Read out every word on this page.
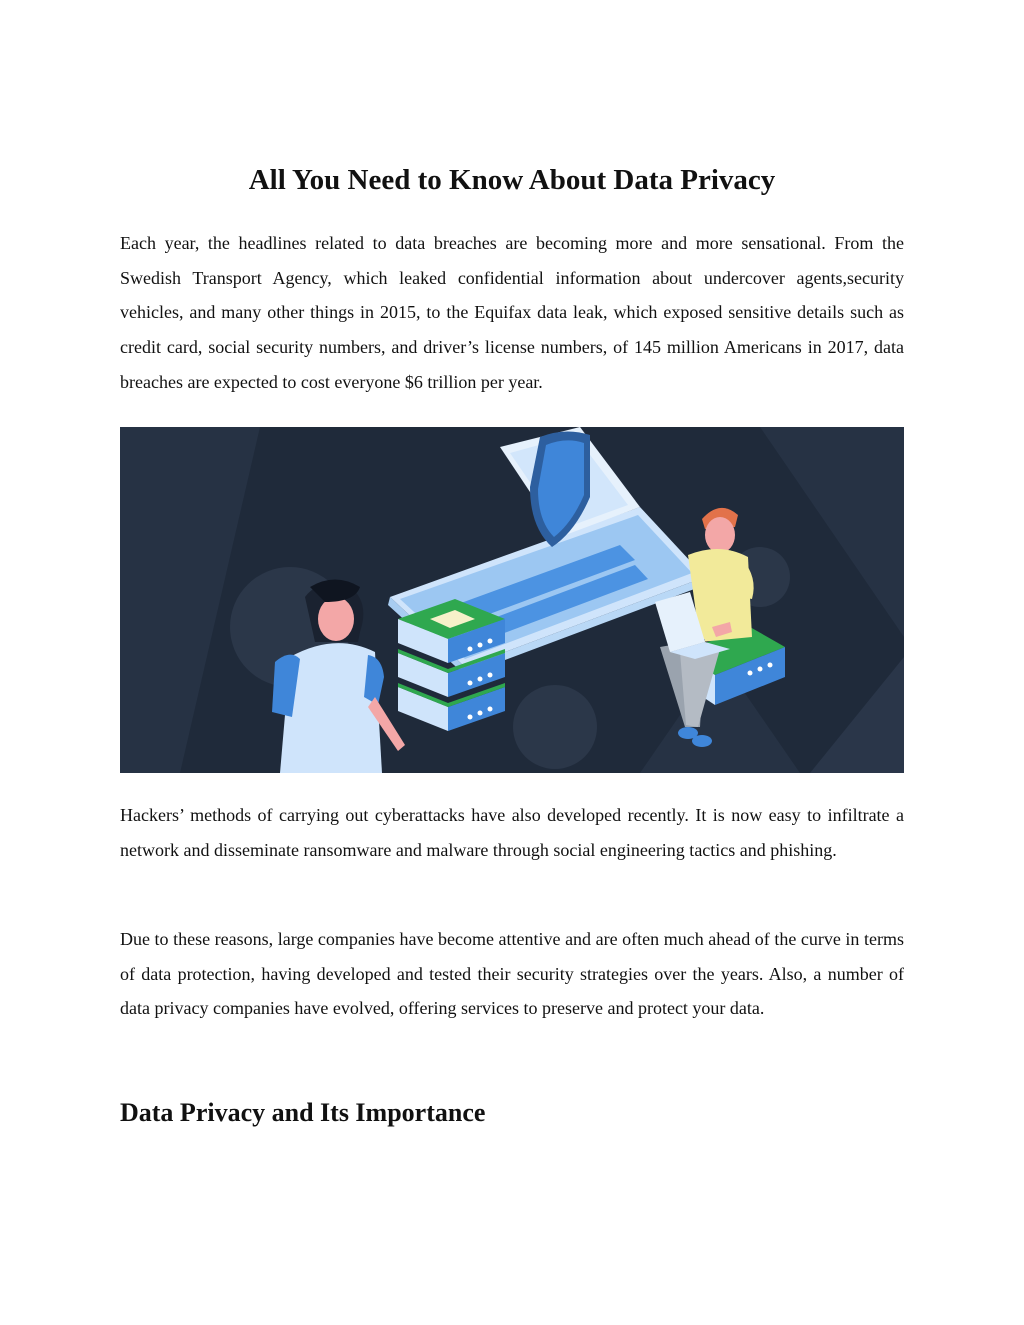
All You Need to Know About Data Privacy

Each year, the headlines related to data breaches are becoming more and more sensational. From the Swedish Transport Agency, which leaked confidential information about undercover agents,security vehicles, and many other things in 2015, to the Equifax data leak, which exposed sensitive details such as credit card, social security numbers, and driver’s license numbers, of 145 million Americans in 2017, data breaches are expected to cost everyone $6 trillion per year.

Hackers’ methods of carrying out cyberattacks have also developed recently. It is now easy to infiltrate a network and disseminate ransomware and malware through social engineering tactics and phishing.

Due to these reasons, large companies have become attentive and are often much ahead of the curve in terms of data protection, having developed and tested their security strategies over the years. Also, a number of data privacy companies have evolved, offering services to preserve and protect your data.

Data Privacy and Its Importance
